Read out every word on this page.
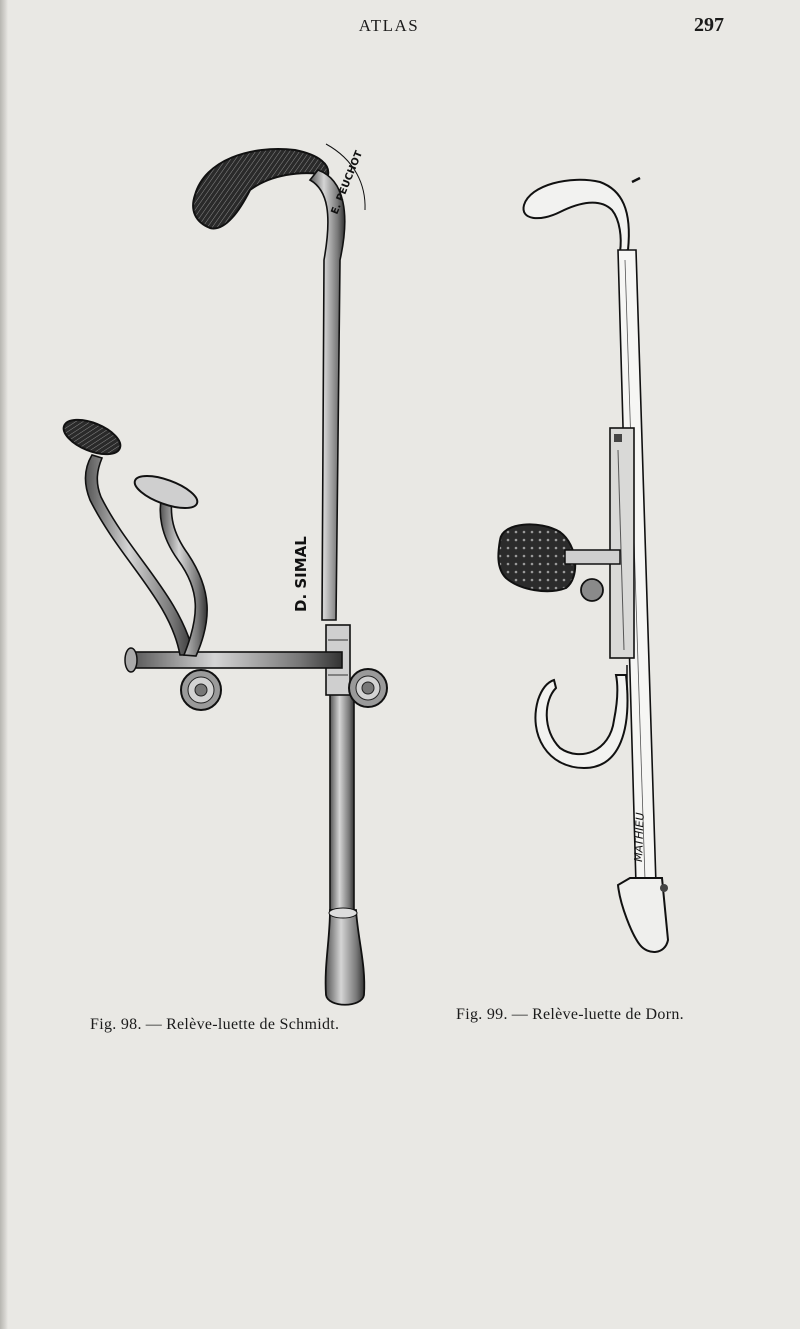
ATLAS	297
E. PEUCHOT
D. SIMAL
MATHIEU
Fig. 98. — Relève-luette de Schmidt.
Fig. 99. — Relève-luette de Dorn.
